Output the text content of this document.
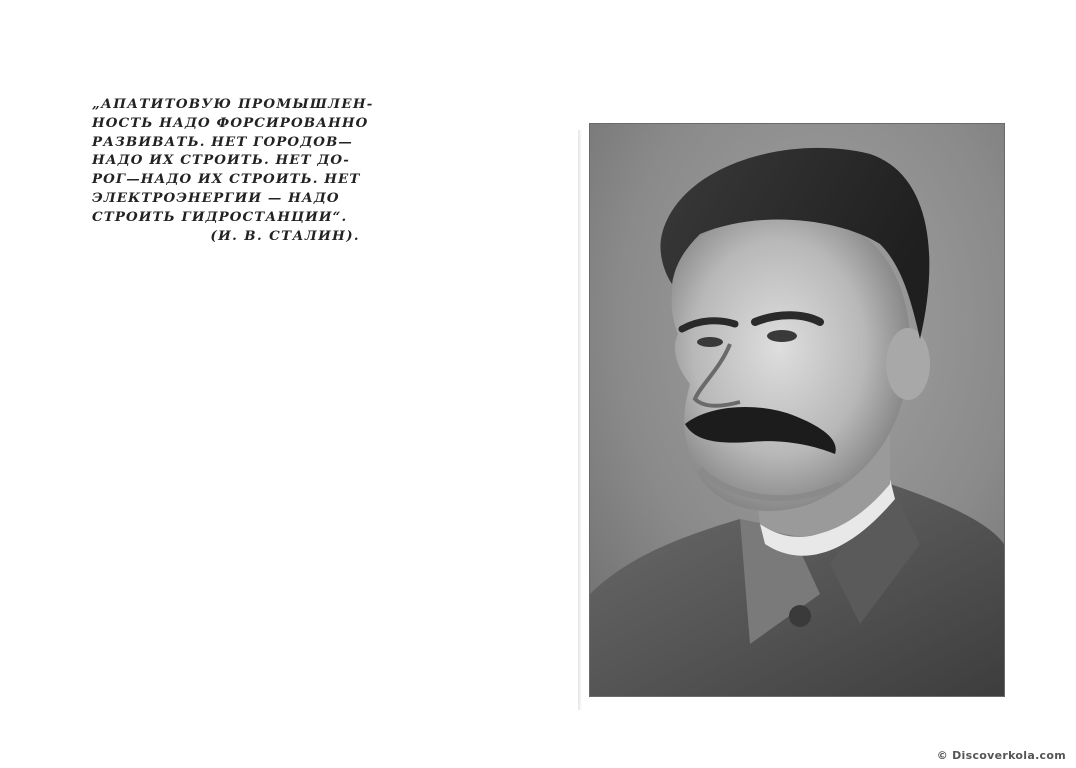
„АПАТИТОВУЮ ПРОМЫШЛЕН-
НОСТЬ НАДО ФОРСИРОВАННО
РАЗВИВАТЬ. НЕТ ГОРОДОВ—
НАДО ИХ СТРОИТЬ. НЕТ ДО-
РОГ—НАДО ИХ СТРОИТЬ. НЕТ
ЭЛЕКТРОЭНЕРГИИ — НАДО
СТРОИТЬ ГИДРОСТАНЦИИ“.
(И. В. СТАЛИН).
© Discoverkola.com
